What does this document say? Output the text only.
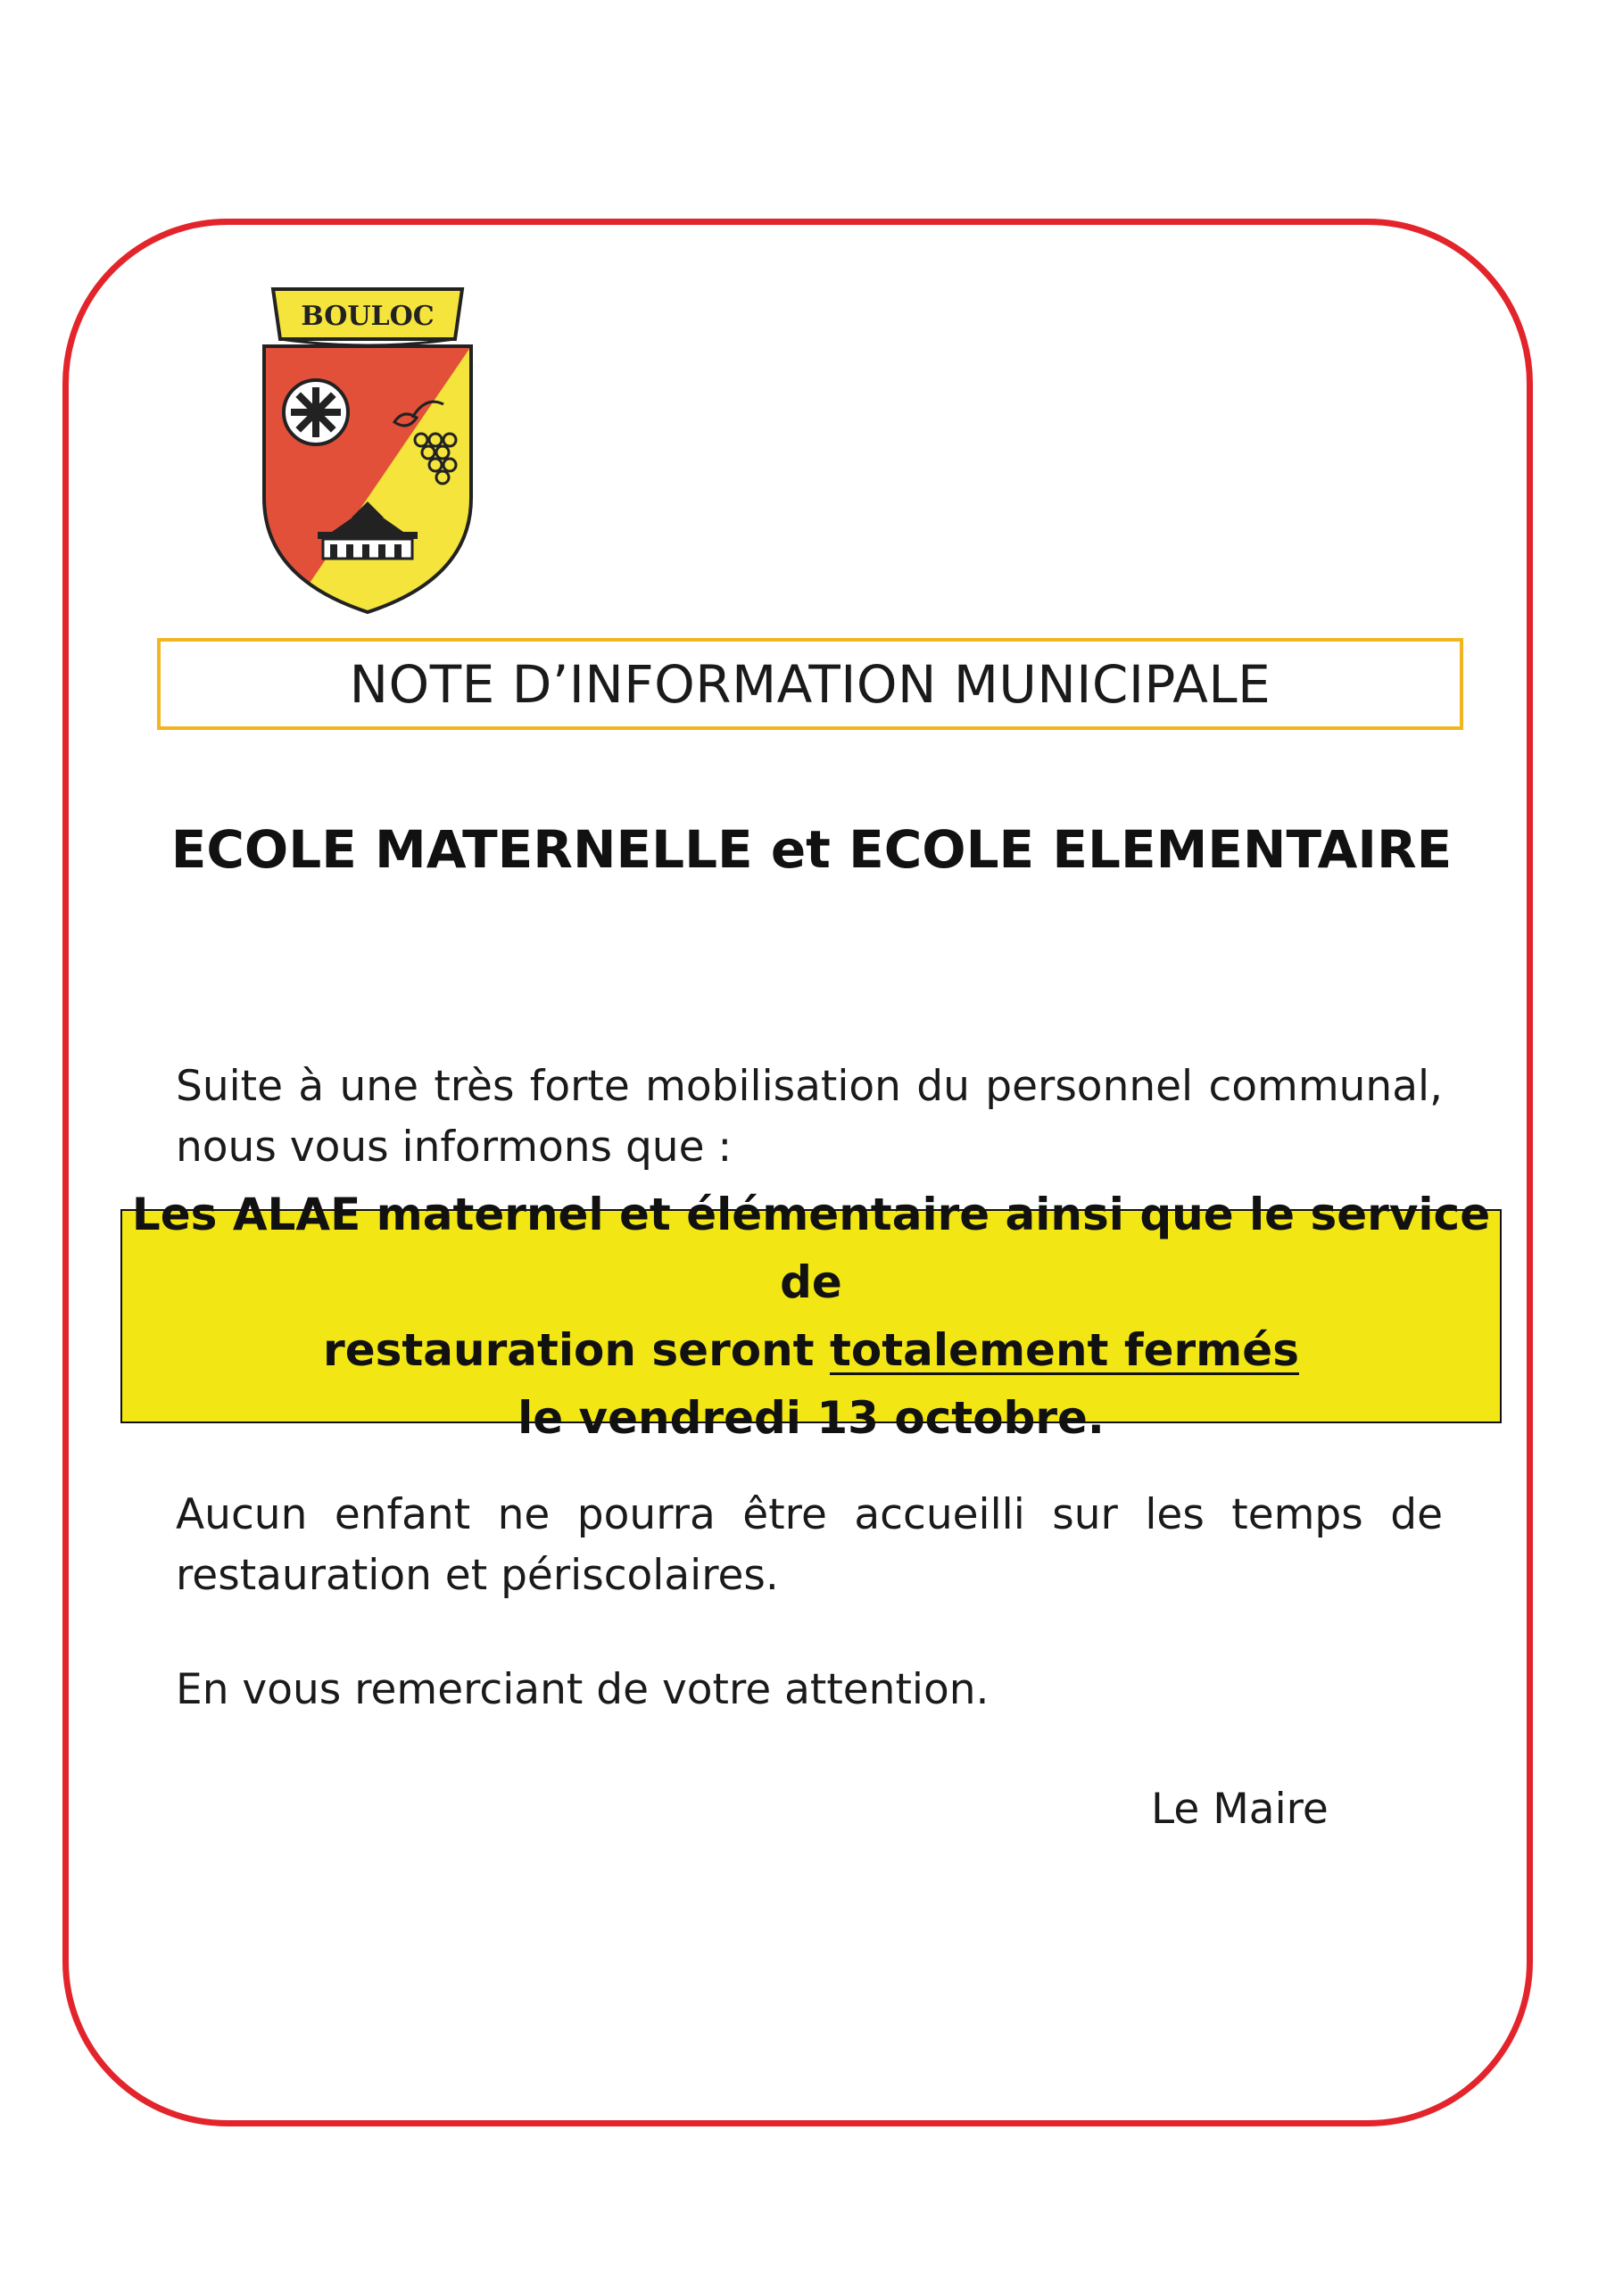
BOULOC
NOTE D’INFORMATION MUNICIPALE
ECOLE MATERNELLE et ECOLE ELEMENTAIRE
Suite à une très forte mobilisation du personnel communal,
nous vous informons que :
Les ALAE maternel et élémentaire ainsi que le service de
restauration seront totalement fermés
le vendredi 13 octobre.
Aucun enfant ne pourra être accueilli sur les temps de
restauration et périscolaires.
En vous remerciant de votre attention.
Le Maire
